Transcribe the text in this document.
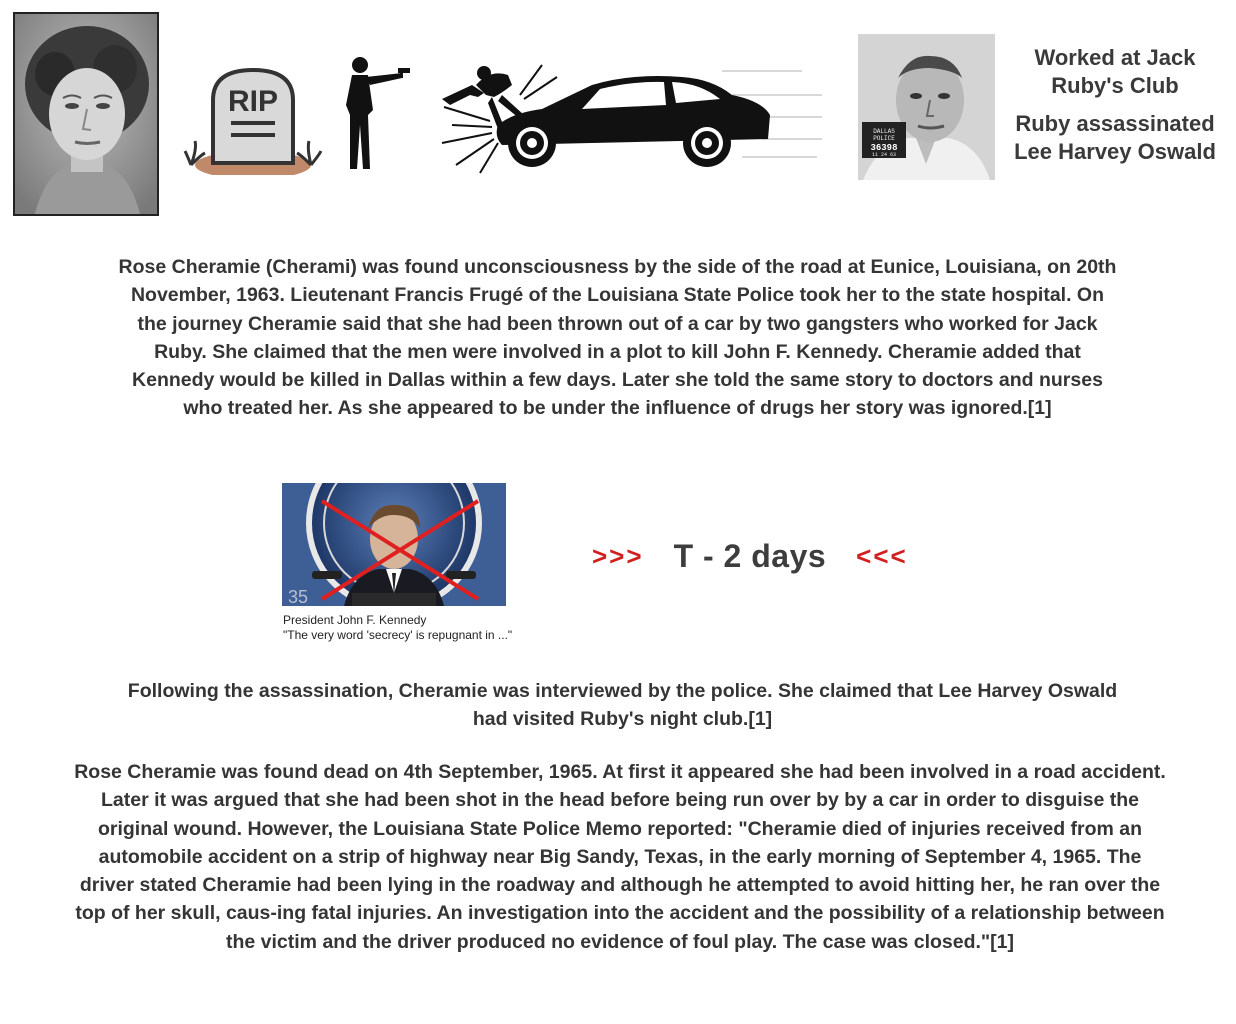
RIP
DALLAS
POLICE
36398
11 24 63

Worked at Jack Ruby's Club

Ruby assassinated Lee Harvey Oswald

Rose Cheramie (Cherami) was found unconsciousness by the side of the road at Eunice, Louisiana, on 20th November, 1963. Lieutenant Francis Frugé of the Louisiana State Police took her to the state hospital. On the journey Cheramie said that she had been thrown out of a car by two gangsters who worked for Jack Ruby. She claimed that the men were involved in a plot to kill John F. Kennedy. Cheramie added that Kennedy would be killed in Dallas within a few days. Later she told the same story to doctors and nurses who treated her. As she appeared to be under the influence of drugs her story was ignored.[1]

35
President John F. Kennedy
"The very word 'secrecy' is repugnant in ..."
>>> T - 2 days <<<

Following the assassination, Cheramie was interviewed by the police. She claimed that Lee Harvey Oswald had visited Ruby's night club.[1]

Rose Cheramie was found dead on 4th September, 1965. At first it appeared she had been involved in a road accident. Later it was argued that she had been shot in the head before being run over by by a car in order to disguise the original wound. However, the Louisiana State Police Memo reported: "Cheramie died of injuries received from an automobile accident on a strip of highway near Big Sandy, Texas, in the early morning of September 4, 1965. The driver stated Cheramie had been lying in the roadway and although he attempted to avoid hitting her, he ran over the top of her skull, caus-ing fatal injuries. An investigation into the accident and the possibility of a relationship between the victim and the driver produced no evidence of foul play. The case was closed."[1]
